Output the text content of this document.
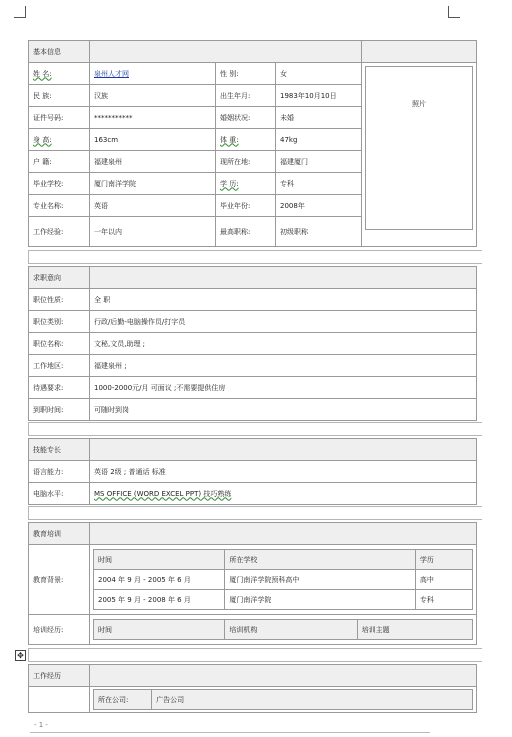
基本信息				
姓 名:	泉州人才网	性 别:	女	照片

民 族:	汉族	出生年月:	1983年10月10日	
证件号码:	***********	婚姻状况:	未婚	
身 高:	163cm	体 重:	47kg	
户 籍:	福建泉州	现所在地:	福建厦门	
毕业学校:	厦门南洋学院	学 历:	专科	
专业名称:	英语	毕业年份:	2008年	
工作经验:	一年以内	最高职称:	初级职称	
求职意向	
职位性质:	全 职
职位类别:	行政/后勤-电脑操作员/打字员
职位名称:	文秘,文员,助理 ;
工作地区:	福建泉州 ;
待遇要求:	1000-2000元/月 可面议 ;不需要提供住房
到职时间:	可随时到岗
技能专长	
语言能力:	英语 2级 ; 普通话 标准
电脑水平:	MS OFFICE (WORD EXCEL PPT) 技巧熟练
教育培训	
教育背景:	
时间	所在学校	学历
2004 年 9 月 - 2005 年 6 月	厦门南洋学院预科高中	高中
2005 年 9 月 - 2008 年 6 月	厦门南洋学院	专科

培训经历:		时间	培训机构	培训主题
✥
工作经历	

所在公司:	广告公司
- 1 -
